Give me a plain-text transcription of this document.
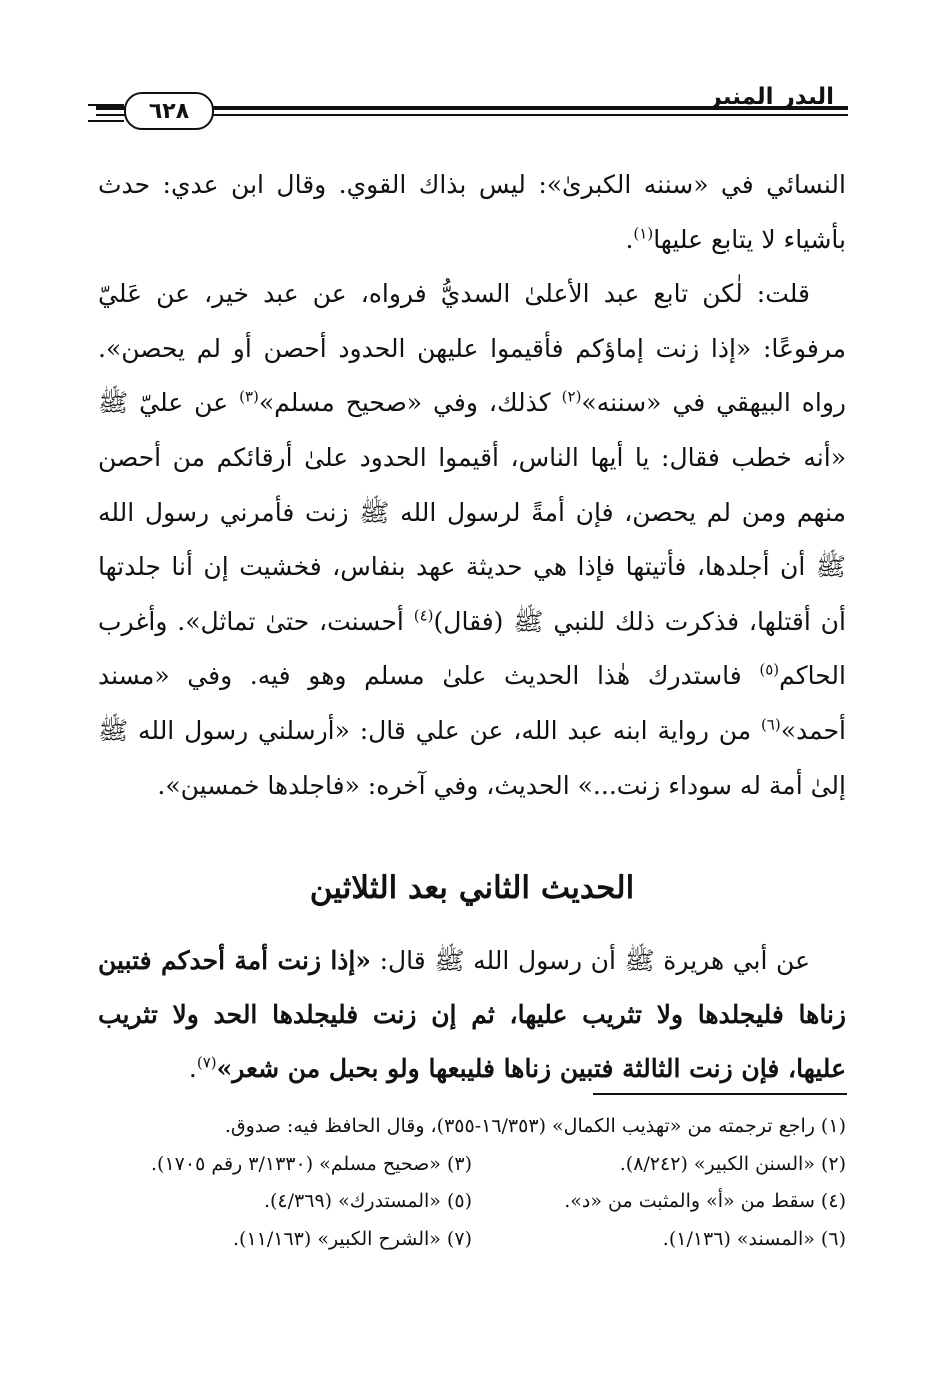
٦٢٨
البدر المنير

النسائي في «سننه الكبرىٰ»: ليس بذاك القوي. وقال ابن عدي: حدث بأشياء لا يتابع عليها$^{(١)}$.

قلت: لٰكن تابع عبد الأعلىٰ السديُّ فرواه، عن عبد خير، عن عَليّ مرفوعًا: «إذا زنت إماؤكم فأقيموا عليهن الحدود أحصن أو لم يحصن». رواه البيهقي في «سننه»$^{(٢)}$ كذلك، وفي «صحيح مسلم»$^{(٣)}$ عن عليّ ﷺ «أنه خطب فقال: يا أيها الناس، أقيموا الحدود علىٰ أرقائكم من أحصن منهم ومن لم يحصن، فإن أمةً لرسول الله ﷺ زنت فأمرني رسول الله ﷺ أن أجلدها، فأتيتها فإذا هي حديثة عهد بنفاس، فخشيت إن أنا جلدتها أن أقتلها، فذكرت ذلك للنبي ﷺ (فقال)$^{(٤)}$ أحسنت، حتىٰ تماثل». وأغرب الحاكم$^{(٥)}$ فاستدرك هٰذا الحديث علىٰ مسلم وهو فيه. وفي «مسند أحمد»$^{(٦)}$ من رواية ابنه عبد الله، عن علي قال: «أرسلني رسول الله ﷺ إلىٰ أمة له سوداء زنت...» الحديث، وفي آخره: «فاجلدها خمسين».

الحديث الثاني بعد الثلاثين

عن أبي هريرة ﷺ أن رسول الله ﷺ قال: «إذا زنت أمة أحدكم فتبين زناها فليجلدها ولا تثريب عليها، ثم إن زنت فليجلدها الحد ولا تثريب عليها، فإن زنت الثالثة فتبين زناها فليبعها ولو بحبل من شعر»$^{(٧)}$.

(١) راجع ترجمته من «تهذيب الكمال» (١٦/٣٥٣-٣٥٥)، وقال الحافظ فيه: صدوق.
(٢) «السنن الكبير» (٨/٢٤٢).
(٣) «صحيح مسلم» (٣/١٣٣٠ رقم ١٧٠٥).
(٤) سقط من «أ» والمثبت من «د».
(٥) «المستدرك» (٤/٣٦٩).
(٦) «المسند» (١/١٣٦).
(٧) «الشرح الكبير» (١١/١٦٣).
